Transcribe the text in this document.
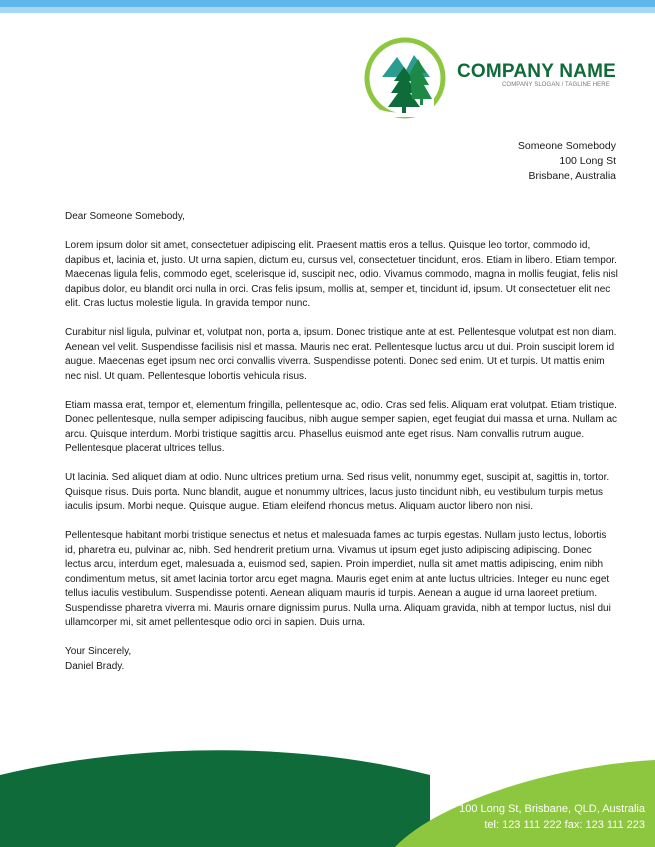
COMPANY NAME
COMPANY SLOGAN / TAGLINE HERE
Someone Somebody
100 Long St
Brisbane, Australia

Dear Someone Somebody,

Lorem ipsum dolor sit amet, consectetuer adipiscing elit. Praesent mattis eros a tellus. Quisque leo tortor, commodo id, dapibus et, lacinia et, justo. Ut urna sapien, dictum eu, cursus vel, consectetuer tincidunt, eros. Etiam in libero. Etiam tempor. Maecenas ligula felis, commodo eget, scelerisque id, suscipit nec, odio. Vivamus commodo, magna in mollis feugiat, felis nisl dapibus dolor, eu blandit orci nulla in orci. Cras felis ipsum, mollis at, semper et, tincidunt id, ipsum. Ut consectetuer elit nec elit. Cras luctus molestie ligula. In gravida tempor nunc.

Curabitur nisl ligula, pulvinar et, volutpat non, porta a, ipsum. Donec tristique ante at est. Pellentesque volutpat est non diam. Aenean vel velit. Suspendisse facilisis nisl et massa. Mauris nec erat. Pellentesque luctus arcu ut dui. Proin suscipit lorem id augue. Maecenas eget ipsum nec orci convallis viverra. Suspendisse potenti. Donec sed enim. Ut et turpis. Ut mattis enim nec nisl. Ut quam. Pellentesque lobortis vehicula risus.

Etiam massa erat, tempor et, elementum fringilla, pellentesque ac, odio. Cras sed felis. Aliquam erat volutpat. Etiam tristique. Donec pellentesque, nulla semper adipiscing faucibus, nibh augue semper sapien, eget feugiat dui massa et urna. Nullam ac arcu. Quisque interdum. Morbi tristique sagittis arcu. Phasellus euismod ante eget risus. Nam convallis rutrum augue. Pellentesque placerat ultrices tellus.

Ut lacinia. Sed aliquet diam at odio. Nunc ultrices pretium urna. Sed risus velit, nonummy eget, suscipit at, sagittis in, tortor. Quisque risus. Duis porta. Nunc blandit, augue et nonummy ultrices, lacus justo tincidunt nibh, eu vestibulum turpis metus iaculis ipsum. Morbi neque. Quisque augue. Etiam eleifend rhoncus metus. Aliquam auctor libero non nisi.

Pellentesque habitant morbi tristique senectus et netus et malesuada fames ac turpis egestas. Nullam justo lectus, lobortis id, pharetra eu, pulvinar ac, nibh. Sed hendrerit pretium urna. Vivamus ut ipsum eget justo adipiscing adipiscing. Donec lectus arcu, interdum eget, malesuada a, euismod sed, sapien. Proin imperdiet, nulla sit amet mattis adipiscing, enim nibh condimentum metus, sit amet lacinia tortor arcu eget magna. Mauris eget enim at ante luctus ultricies. Integer eu nunc eget tellus iaculis vestibulum. Suspendisse potenti. Aenean aliquam mauris id turpis. Aenean a augue id urna laoreet pretium. Suspendisse pharetra viverra mi. Mauris ornare dignissim purus. Nulla urna. Aliquam gravida, nibh at tempor luctus, nisl dui ullamcorper mi, sit amet pellentesque odio orci in sapien. Duis urna.

Your Sincerely,

Daniel Brady.

100 Long St, Brisbane, QLD, Australia
tel: 123 111 222 fax: 123 111 223
